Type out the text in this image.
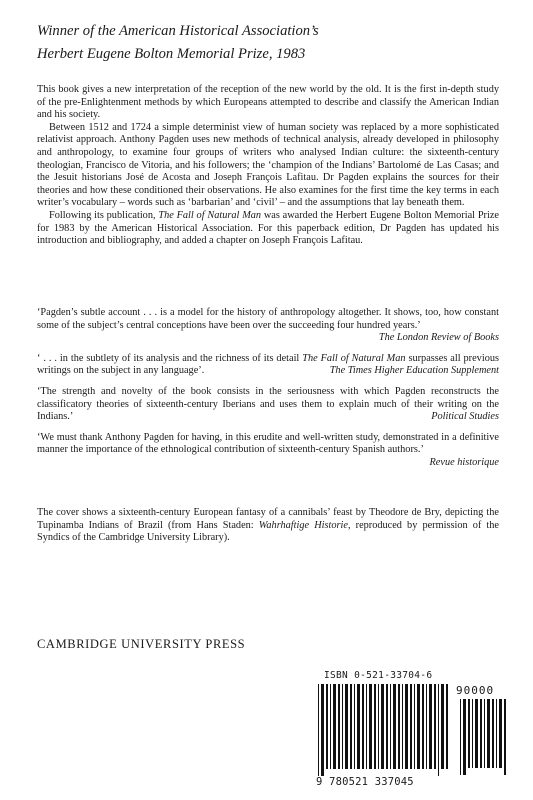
Winner of the American Historical Association’s
Herbert Eugene Bolton Memorial Prize, 1983

This book gives a new interpretation of the reception of the new world by the old. It is the first in-depth study of the pre-Enlightenment methods by which Europeans attempted to describe and classify the American Indian and his society.

Between 1512 and 1724 a simple determinist view of human society was replaced by a more sophisticated relativist approach. Anthony Pagden uses new methods of technical analysis, already developed in philosophy and anthropology, to examine four groups of writers who analysed Indian culture: the sixteenth-century theologian, Francisco de Vitoria, and his followers; the ‘champion of the Indians’ Bartolomé de Las Casas; and the Jesuit historians José de Acosta and Joseph François Lafitau. Dr Pagden explains the sources for their theories and how these conditioned their observations. He also examines for the first time the key terms in each writer’s vocabulary – words such as ‘barbarian’ and ‘civil’ – and the assumptions that lay beneath them.

Following its publication, The Fall of Natural Man was awarded the Herbert Eugene Bolton Memorial Prize for 1983 by the American Historical Association. For this paperback edition, Dr Pagden has updated his introduction and bibliography, and added a chapter on Joseph François Lafitau.

‘Pagden’s subtle account . . . is a model for the history of anthropology altogether. It shows, too, how constant some of the subject’s central conceptions have been over the succeeding four hundred years.’
The London Review of Books
‘ . . . in the subtlety of its analysis and the richness of its detail The Fall of Natural Man surpasses all previous writings on the subject in any language’.	The Times Higher Education Supplement
‘The strength and novelty of the book consists in the seriousness with which Pagden reconstructs the classificatory theories of sixteenth-century Iberians and uses them to explain much of their writing on the Indians.’	Political Studies
‘We must thank Anthony Pagden for having, in this erudite and well-written study, demonstrated in a definitive manner the importance of the ethnological contribution of sixteenth-century Spanish authors.’
Revue historique
The cover shows a sixteenth-century European fantasy of a cannibals’ feast by Theodore de Bry, depicting the Tupinamba Indians of Brazil (from Hans Staden: Wahrhaftige Historie, reproduced by permission of the Syndics of the Cambridge University Library).
CAMBRIDGE UNIVERSITY PRESS
ISBN 0-521-33704-6
90000
9 780521 337045
